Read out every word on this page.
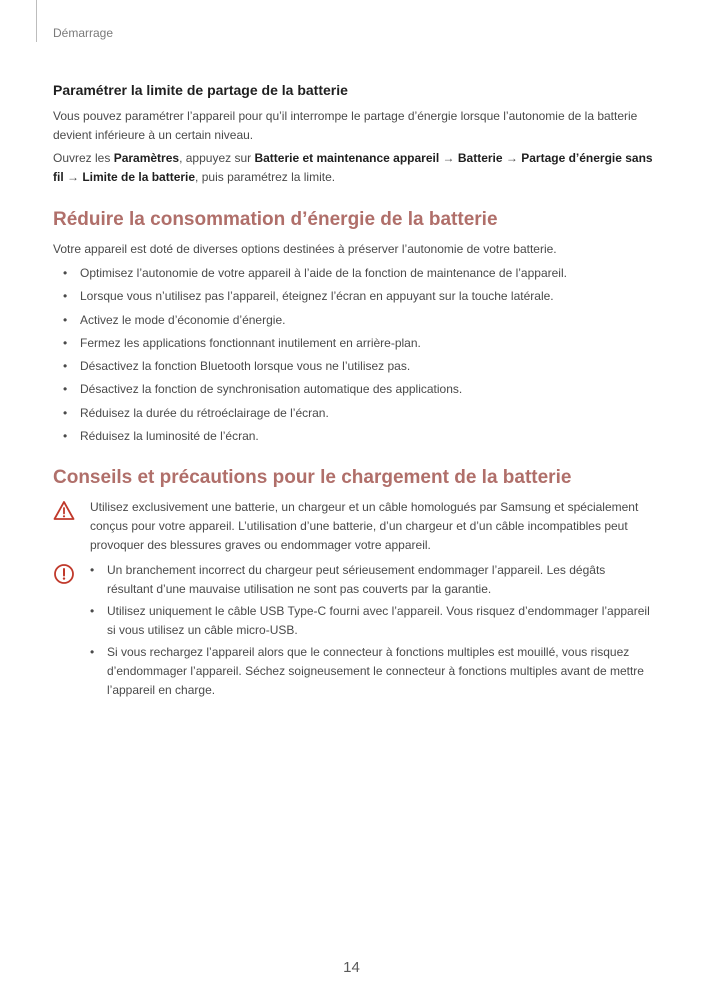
Démarrage
Paramétrer la limite de partage de la batterie

Vous pouvez paramétrer l’appareil pour qu’il interrompe le partage d’énergie lorsque l’autonomie de la batterie devient inférieure à un certain niveau.

Ouvrez les Paramètres, appuyez sur Batterie et maintenance appareil → Batterie → Partage d’énergie sans fil → Limite de la batterie, puis paramétrez la limite.

Réduire la consommation d’énergie de la batterie

Votre appareil est doté de diverses options destinées à préserver l’autonomie de votre batterie.

• Optimisez l’autonomie de votre appareil à l’aide de la fonction de maintenance de l’appareil.
• Lorsque vous n’utilisez pas l’appareil, éteignez l’écran en appuyant sur la touche latérale.
• Activez le mode d’économie d’énergie.
• Fermez les applications fonctionnant inutilement en arrière-plan.
• Désactivez la fonction Bluetooth lorsque vous ne l’utilisez pas.
• Désactivez la fonction de synchronisation automatique des applications.
• Réduisez la durée du rétroéclairage de l’écran.
• Réduisez la luminosité de l’écran.
Conseils et précautions pour le chargement de la batterie

Utilisez exclusivement une batterie, un chargeur et un câble homologués par Samsung et spécialement conçus pour votre appareil. L’utilisation d’une batterie, d’un chargeur et d’un câble incompatibles peut provoquer des blessures graves ou endommager votre appareil.

• Un branchement incorrect du chargeur peut sérieusement endommager l’appareil. Les dégâts résultant d’une mauvaise utilisation ne sont pas couverts par la garantie.
• Utilisez uniquement le câble USB Type-C fourni avec l’appareil. Vous risquez d’endommager l’appareil si vous utilisez un câble micro-USB.
• Si vous rechargez l’appareil alors que le connecteur à fonctions multiples est mouillé, vous risquez d’endommager l’appareil. Séchez soigneusement le connecteur à fonctions multiples avant de mettre l’appareil en charge.
14
